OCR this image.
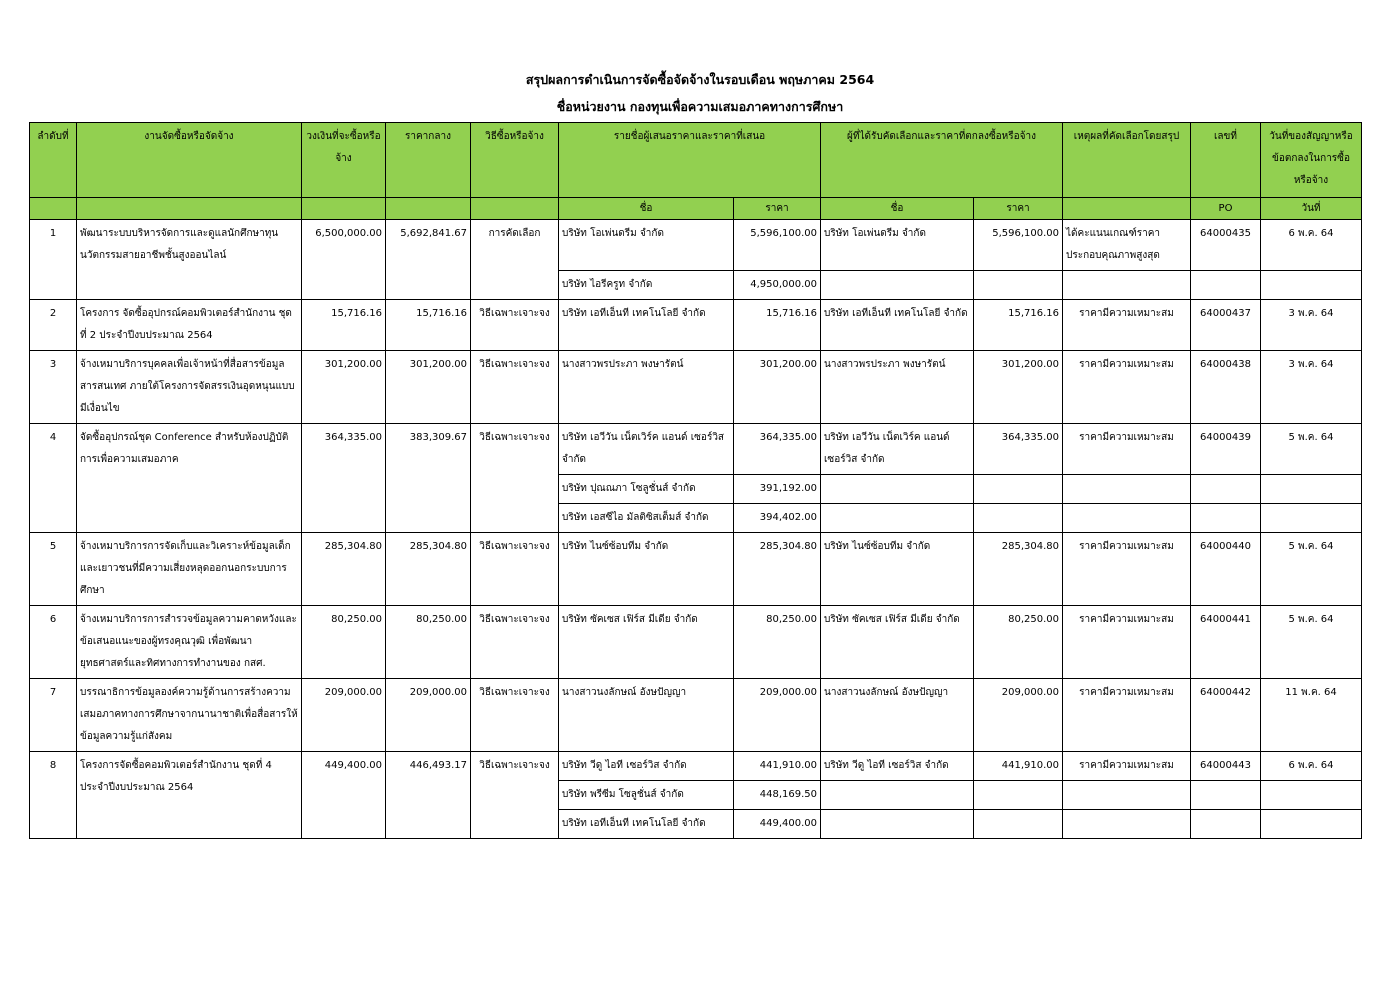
สรุปผลการดำเนินการจัดซื้อจัดจ้างในรอบเดือน พฤษภาคม 2564
ชื่อหน่วยงาน กองทุนเพื่อความเสมอภาคทางการศึกษา
ลำดับที่	งานจัดซื้อหรือจัดจ้าง	วงเงินที่จะซื้อหรือจ้าง	ราคากลาง	วิธีซื้อหรือจ้าง	รายชื่อผู้เสนอราคาและราคาที่เสนอ		ผู้ที่ได้รับคัดเลือกและราคาที่ตกลงซื้อหรือจ้าง		เหตุผลที่คัดเลือกโดยสรุป	เลขที่	วันที่ของสัญญาหรือข้อตกลงในการซื้อหรือจ้าง
					ชื่อ	ราคา	ชื่อ	ราคา		PO	วันที่
1	พัฒนาระบบบริหารจัดการและดูแลนักศึกษาทุนนวัตกรรมสายอาชีพชั้นสูงออนไลน์	6,500,000.00	5,692,841.67	การคัดเลือก	บริษัท โอเพ่นดรีม จำกัด	5,596,100.00	บริษัท โอเพ่นดรีม จำกัด	5,596,100.00	ได้คะแนนเกณฑ์ราคาประกอบคุณภาพสูงสุด	64000435	6 พ.ค. 64
					บริษัท ไอรีครูท จำกัด	4,950,000.00					
2	โครงการ จัดซื้ออุปกรณ์คอมพิวเตอร์สำนักงาน ชุดที่ 2 ประจำปีงบประมาณ 2564	15,716.16	15,716.16	วิธีเฉพาะเจาะจง	บริษัท เอทีเอ็นที เทคโนโลยี จำกัด	15,716.16	บริษัท เอทีเอ็นที เทคโนโลยี จำกัด	15,716.16	ราคามีความเหมาะสม	64000437	3 พ.ค. 64
3	จ้างเหมาบริการบุคคลเพื่อเจ้าหน้าที่สื่อสารข้อมูลสารสนเทศ ภายใต้โครงการจัดสรรเงินอุดหนุนแบบมีเงื่อนไข	301,200.00	301,200.00	วิธีเฉพาะเจาะจง	นางสาวพรประภา พงษารัตน์	301,200.00	นางสาวพรประภา พงษารัตน์	301,200.00	ราคามีความเหมาะสม	64000438	3 พ.ค. 64
4	จัดซื้ออุปกรณ์ชุด Conference สำหรับห้องปฏิบัติการเพื่อความเสมอภาค	364,335.00	383,309.67	วิธีเฉพาะเจาะจง	บริษัท เอวีวัน เน็ตเวิร์ค แอนด์ เซอร์วิส จำกัด	364,335.00	บริษัท เอวีวัน เน็ตเวิร์ค แอนด์ เซอร์วิส จำกัด	364,335.00	ราคามีความเหมาะสม	64000439	5 พ.ค. 64
					บริษัท ปุณณภา โซลูชั่นส์ จำกัด	391,192.00					
					บริษัท เอสซีไอ มัลติซิสเต็มส์ จำกัด	394,402.00					
5	จ้างเหมาบริการการจัดเก็บและวิเคราะห์ข้อมูลเด็กและเยาวชนที่มีความเสี่ยงหลุดออกนอกระบบการศึกษา	285,304.80	285,304.80	วิธีเฉพาะเจาะจง	บริษัท ไนซ์ซ้อบทีม จำกัด	285,304.80	บริษัท ไนซ์ซ้อบทีม จำกัด	285,304.80	ราคามีความเหมาะสม	64000440	5 พ.ค. 64
6	จ้างเหมาบริการการสำรวจข้อมูลความคาดหวังและข้อเสนอแนะของผู้ทรงคุณวุฒิ เพื่อพัฒนายุทธศาสตร์และทิศทางการทำงานของ กสศ.	80,250.00	80,250.00	วิธีเฉพาะเจาะจง	บริษัท ซัคเซส เฟิร์ส มีเดีย จำกัด	80,250.00	บริษัท ซัคเซส เฟิร์ส มีเดีย จำกัด	80,250.00	ราคามีความเหมาะสม	64000441	5 พ.ค. 64
7	บรรณาธิการข้อมูลองค์ความรู้ด้านการสร้างความเสมอภาคทางการศึกษาจากนานาชาติเพื่อสื่อสารให้ข้อมูลความรู้แก่สังคม	209,000.00	209,000.00	วิธีเฉพาะเจาะจง	นางสาวนงลักษณ์ อังษปัญญา	209,000.00	นางสาวนงลักษณ์ อังษปัญญา	209,000.00	ราคามีความเหมาะสม	64000442	11 พ.ค. 64
8	โครงการจัดซื้อคอมพิวเตอร์สำนักงาน ชุดที่ 4 ประจำปีงบประมาณ 2564	449,400.00	446,493.17	วิธีเฉพาะเจาะจง	บริษัท วีดู ไอที เซอร์วิส จำกัด	441,910.00	บริษัท วีดู ไอที เซอร์วิส จำกัด	441,910.00	ราคามีความเหมาะสม	64000443	6 พ.ค. 64
					บริษัท พรีซีม โซลูชั่นส์ จำกัด	448,169.50					
					บริษัท เอทีเอ็นที เทคโนโลยี จำกัด	449,400.00					
